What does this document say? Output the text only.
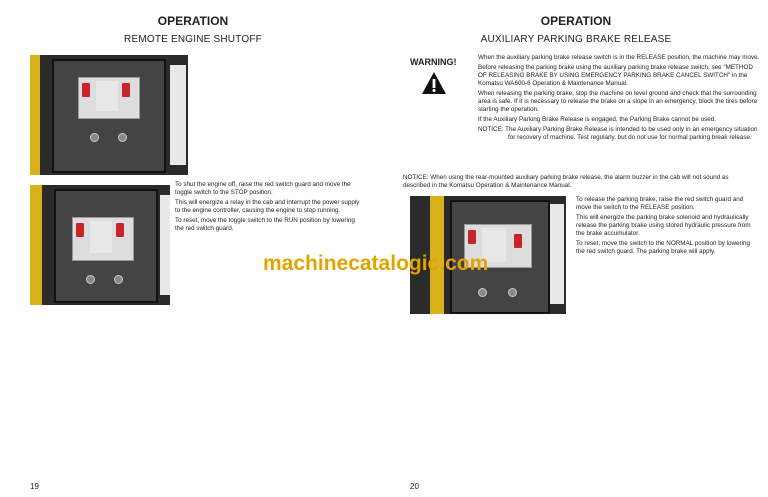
OPERATION
REMOTE ENGINE SHUTOFF
OPERATION
AUXILIARY PARKING BRAKE RELEASE

To shut the engine off, raise the red switch guard and move the toggle switch to the STOP position.

This will energize a relay in the cab and interrupt the power supply to the engine controller, causing the engine to stop running.

To reset, move the toggle switch to the RUN position by lowering the red switch guard.

WARNING!	When the auxiliary parking brake release switch is in the RELEASE position, the machine may move.

Before releasing the parking brake using the auxiliary parking brake release switch, see "METHOD OF RELEASING BRAKE BY USING EMERGENCY PARKING BRAKE CANCEL SWITCH" in the Komatsu WA600-6 Operation & Maintenance Manual.

When releasing the parking brake, stop the machine on level ground and check that the surrounding area is safe. If it is necessary to release the brake on a slope in an emergency, block the tires before starting the operation.

If the Auxiliary Parking Brake Release is engaged, the Parking Brake cannot be used.

NOTICE: The Auxiliary Parking Brake Release is intended to be used only in an emergency situation for recovery of machine. Test regularly, but do not use for normal parking break release.

NOTICE: When using the rear-mounted auxiliary parking brake release, the alarm buzzer in the cab will not sound as described in the Komatsu Operation & Maintenance Manual.

To release the parking brake, raise the red switch guard and move the switch to the RELEASE position.

This will energize the parking brake solenoid and hydraulically release the parking brake using stored hydraulic pressure from the brake accumulator.

To reset, move the switch to the NORMAL position by lowering the red switch guard. The parking brake will apply.

machinecatalogic.com
19	20
